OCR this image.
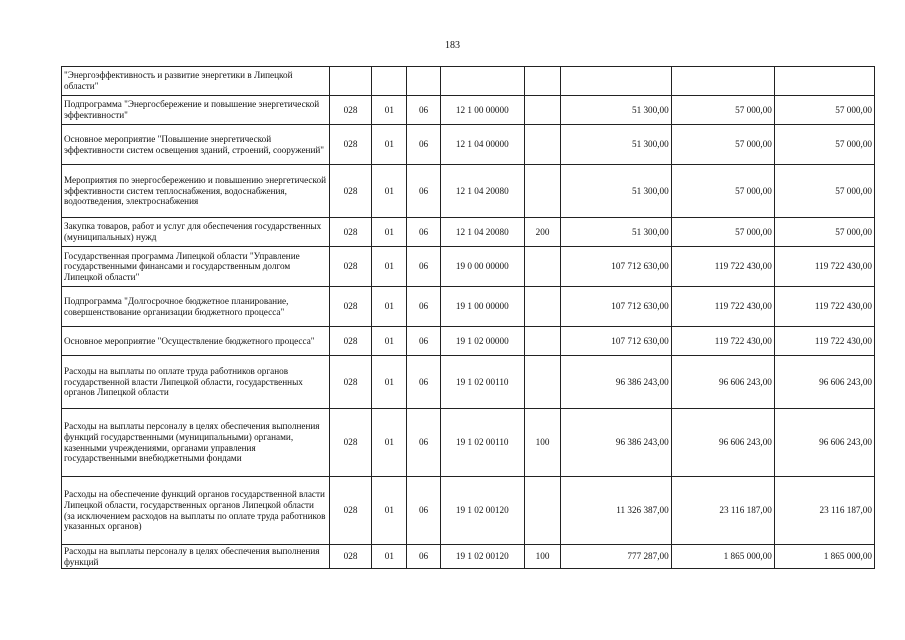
183
"Энергоэффективность и развитие энергетики в Липецкой области"								
Подпрограмма "Энергосбережение и повышение энергетической эффективности"	028	01	06	12 1 00 00000		51 300,00	57 000,00	57 000,00
Основное мероприятие "Повышение энергетической эффективности систем освещения зданий, строений, сооружений"	028	01	06	12 1 04 00000		51 300,00	57 000,00	57 000,00
Мероприятия по энергосбережению и повышению энергетической эффективности систем теплоснабжения, водоснабжения, водоотведения, электроснабжения	028	01	06	12 1 04 20080		51 300,00	57 000,00	57 000,00
Закупка товаров, работ и услуг для обеспечения государственных (муниципальных) нужд	028	01	06	12 1 04 20080	200	51 300,00	57 000,00	57 000,00
Государственная программа Липецкой области "Управление государственными финансами и государственным долгом Липецкой области"	028	01	06	19 0 00 00000		107 712 630,00	119 722 430,00	119 722 430,00
Подпрограмма "Долгосрочное бюджетное планирование, совершенствование организации бюджетного процесса"	028	01	06	19 1 00 00000		107 712 630,00	119 722 430,00	119 722 430,00
Основное мероприятие "Осуществление бюджетного процесса"	028	01	06	19 1 02 00000		107 712 630,00	119 722 430,00	119 722 430,00
Расходы на выплаты по оплате труда работников органов государственной власти Липецкой области, государственных органов Липецкой области	028	01	06	19 1 02 00110		96 386 243,00	96 606 243,00	96 606 243,00
Расходы на выплаты персоналу в целях обеспечения выполнения функций государственными (муниципальными) органами, казенными учреждениями, органами управления государственными внебюджетными фондами	028	01	06	19 1 02 00110	100	96 386 243,00	96 606 243,00	96 606 243,00
Расходы на обеспечение функций органов государственной власти Липецкой области, государственных органов Липецкой области (за исключением расходов на выплаты по оплате труда работников указанных органов)	028	01	06	19 1 02 00120		11 326 387,00	23 116 187,00	23 116 187,00
Расходы на выплаты персоналу в целях обеспечения выполнения функций	028	01	06	19 1 02 00120	100	777 287,00	1 865 000,00	1 865 000,00
